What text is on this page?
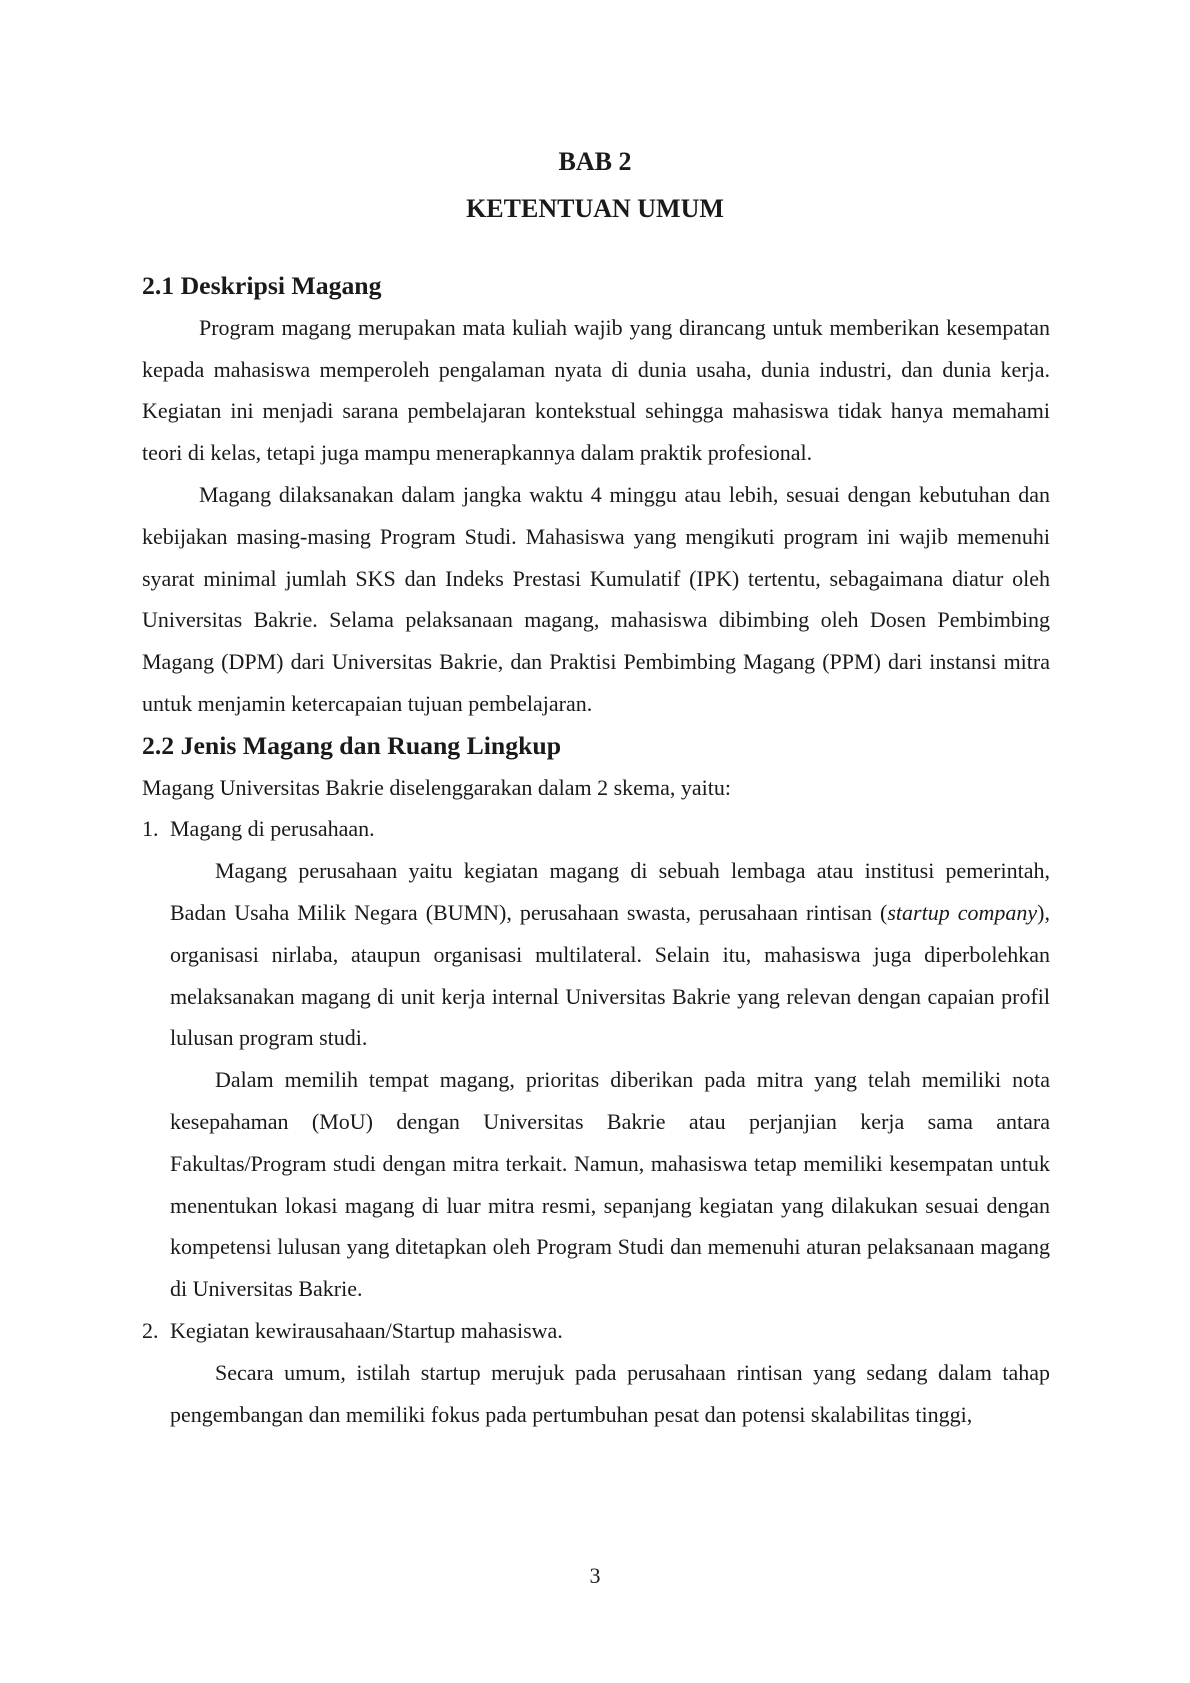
BAB 2
KETENTUAN UMUM
2.1 Deskripsi Magang

Program magang merupakan mata kuliah wajib yang dirancang untuk memberikan kesempatan kepada mahasiswa memperoleh pengalaman nyata di dunia usaha, dunia industri, dan dunia kerja. Kegiatan ini menjadi sarana pembelajaran kontekstual sehingga mahasiswa tidak hanya memahami teori di kelas, tetapi juga mampu menerapkannya dalam praktik profesional.

Magang dilaksanakan dalam jangka waktu 4 minggu atau lebih, sesuai dengan kebutuhan dan kebijakan masing-masing Program Studi. Mahasiswa yang mengikuti program ini wajib memenuhi syarat minimal jumlah SKS dan Indeks Prestasi Kumulatif (IPK) tertentu, sebagaimana diatur oleh Universitas Bakrie. Selama pelaksanaan magang, mahasiswa dibimbing oleh Dosen Pembimbing Magang (DPM) dari Universitas Bakrie, dan Praktisi Pembimbing Magang (PPM) dari instansi mitra untuk menjamin ketercapaian tujuan pembelajaran.

2.2 Jenis Magang dan Ruang Lingkup

Magang Universitas Bakrie diselenggarakan dalam 2 skema, yaitu:

1. Magang di perusahaan.

Magang perusahaan yaitu kegiatan magang di sebuah lembaga atau institusi pemerintah, Badan Usaha Milik Negara (BUMN), perusahaan swasta, perusahaan rintisan (startup company), organisasi nirlaba, ataupun organisasi multilateral. Selain itu, mahasiswa juga diperbolehkan melaksanakan magang di unit kerja internal Universitas Bakrie yang relevan dengan capaian profil lulusan program studi.

Dalam memilih tempat magang, prioritas diberikan pada mitra yang telah memiliki nota kesepahaman (MoU) dengan Universitas Bakrie atau perjanjian kerja sama antara Fakultas/Program studi dengan mitra terkait. Namun, mahasiswa tetap memiliki kesempatan untuk menentukan lokasi magang di luar mitra resmi, sepanjang kegiatan yang dilakukan sesuai dengan kompetensi lulusan yang ditetapkan oleh Program Studi dan memenuhi aturan pelaksanaan magang di Universitas Bakrie.

2. Kegiatan kewirausahaan/Startup mahasiswa.

Secara umum, istilah startup merujuk pada perusahaan rintisan yang sedang dalam tahap pengembangan dan memiliki fokus pada pertumbuhan pesat dan potensi skalabilitas tinggi,

3
